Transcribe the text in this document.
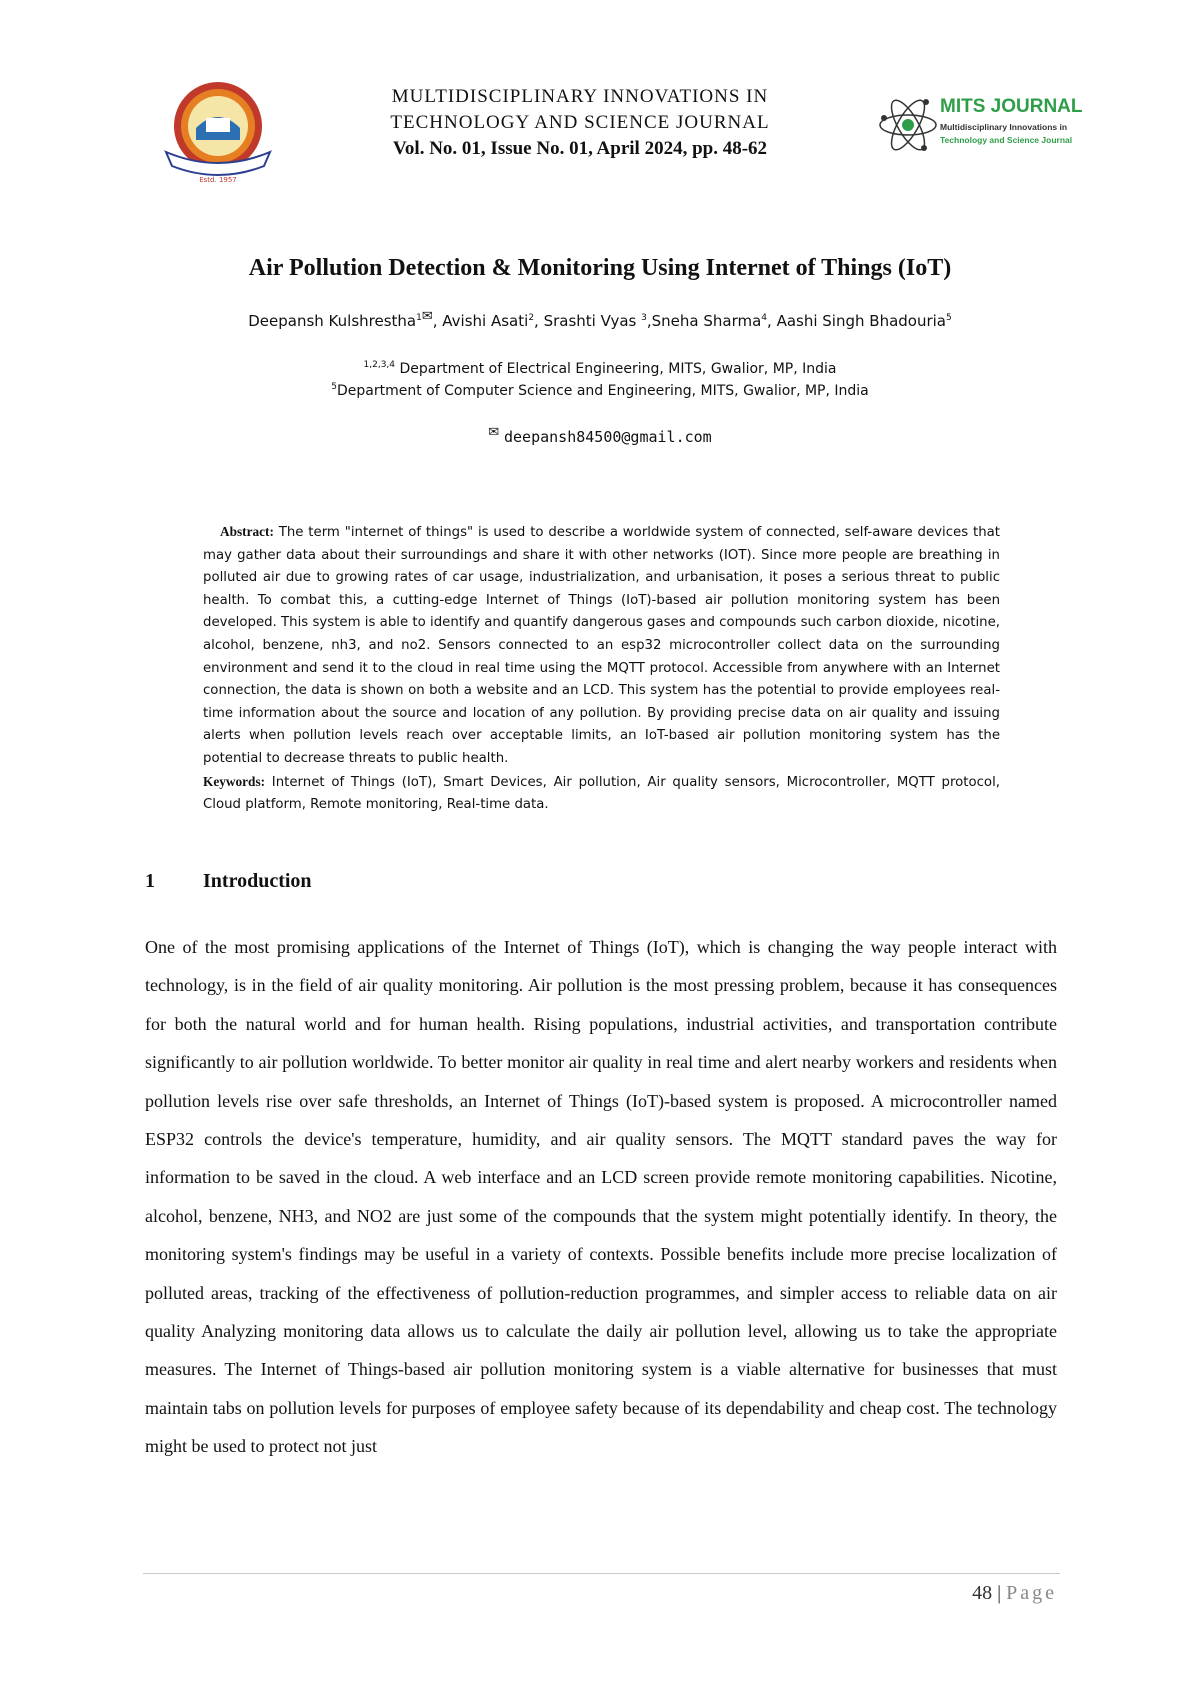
Estd. 1957
MULTIDISCIPLINARY INNOVATIONS IN
TECHNOLOGY AND SCIENCE JOURNAL
Vol. No. 01, Issue No. 01, April 2024, pp. 48-62
MITS JOURNAL
Multidisciplinary Innovations in
Technology and Science Journal
Air Pollution Detection & Monitoring Using Internet of Things (IoT)
Deepansh Kulshrestha$^{1✉}$, Avishi Asati$^2$, Srashti Vyas $^3$,Sneha Sharma$^4$, Aashi Singh Bhadouria$^5$
$^{1,2,3,4}$ Department of Electrical Engineering, MITS, Gwalior, MP, India
$^5$Department of Computer Science and Engineering, MITS, Gwalior, MP, India
✉ deepansh84500@gmail.com

Abstract: The term "internet of things" is used to describe a worldwide system of connected, self-aware devices that may gather data about their surroundings and share it with other networks (IOT). Since more people are breathing in polluted air due to growing rates of car usage, industrialization, and urbanisation, it poses a serious threat to public health. To combat this, a cutting-edge Internet of Things (IoT)-based air pollution monitoring system has been developed. This system is able to identify and quantify dangerous gases and compounds such carbon dioxide, nicotine, alcohol, benzene, nh3, and no2. Sensors connected to an esp32 microcontroller collect data on the surrounding environment and send it to the cloud in real time using the MQTT protocol. Accessible from anywhere with an Internet connection, the data is shown on both a website and an LCD. This system has the potential to provide employees real-time information about the source and location of any pollution. By providing precise data on air quality and issuing alerts when pollution levels reach over acceptable limits, an IoT-based air pollution monitoring system has the potential to decrease threats to public health.

Keywords: Internet of Things (IoT), Smart Devices, Air pollution, Air quality sensors, Microcontroller, MQTT protocol, Cloud platform, Remote monitoring, Real-time data.

1 Introduction

One of the most promising applications of the Internet of Things (IoT), which is changing the way people interact with technology, is in the field of air quality monitoring. Air pollution is the most pressing problem, because it has consequences for both the natural world and for human health. Rising populations, industrial activities, and transportation contribute significantly to air pollution worldwide. To better monitor air quality in real time and alert nearby workers and residents when pollution levels rise over safe thresholds, an Internet of Things (IoT)-based system is proposed. A microcontroller named ESP32 controls the device's temperature, humidity, and air quality sensors. The MQTT standard paves the way for information to be saved in the cloud. A web interface and an LCD screen provide remote monitoring capabilities. Nicotine, alcohol, benzene, NH3, and NO2 are just some of the compounds that the system might potentially identify. In theory, the monitoring system's findings may be useful in a variety of contexts. Possible benefits include more precise localization of polluted areas, tracking of the effectiveness of pollution-reduction programmes, and simpler access to reliable data on air quality Analyzing monitoring data allows us to calculate the daily air pollution level, allowing us to take the appropriate measures. The Internet of Things-based air pollution monitoring system is a viable alternative for businesses that must maintain tabs on pollution levels for purposes of employee safety because of its dependability and cheap cost. The technology might be used to protect not just

48 | Page
